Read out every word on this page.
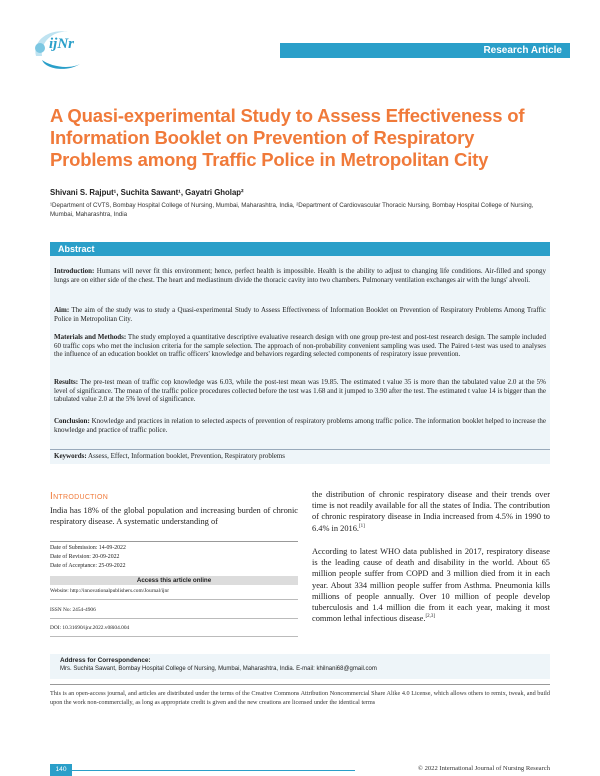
ijNr	Research Article
A Quasi-experimental Study to Assess Effectiveness of Information Booklet on Prevention of Respiratory Problems among Traffic Police in Metropolitan City
Shivani S. Rajput¹, Suchita Sawant¹, Gayatri Gholap²
¹Department of CVTS, Bombay Hospital College of Nursing, Mumbai, Maharashtra, India, ²Department of Cardiovascular Thoracic Nursing, Bombay Hospital College of Nursing, Mumbai, Maharashtra, India
Abstract
Introduction: Humans will never fit this environment; hence, perfect health is impossible. Health is the ability to adjust to changing life conditions. Air-filled and spongy lungs are on either side of the chest. The heart and mediastinum divide the thoracic cavity into two chambers. Pulmonary ventilation exchanges air with the lungs' alveoli.
Aim: The aim of the study was to study a Quasi-experimental Study to Assess Effectiveness of Information Booklet on Prevention of Respiratory Problems Among Traffic Police in Metropolitan City.
Materials and Methods: The study employed a quantitative descriptive evaluative research design with one group pre-test and post-test research design. The sample included 60 traffic cops who met the inclusion criteria for the sample selection. The approach of non-probability convenient sampling was used. The Paired t-test was used to analyses the influence of an education booklet on traffic officers' knowledge and behaviors regarding selected components of respiratory issue prevention.
Results: The pre-test mean of traffic cop knowledge was 6.03, while the post-test mean was 19.85. The estimated t value 35 is more than the tabulated value 2.0 at the 5% level of significance. The mean of the traffic police procedures collected before the test was 1.68 and it jumped to 3.90 after the test. The estimated t value 14 is bigger than the tabulated value 2.0 at the 5% level of significance.
Conclusion: Knowledge and practices in relation to selected aspects of prevention of respiratory problems among traffic police. The information booklet helped to increase the knowledge and practice of traffic police.
Keywords: Assess, Effect, Information booklet, Prevention, Respiratory problems
Introduction
India has 18% of the global population and increasing burden of chronic respiratory disease. A systematic understanding of
Date of Submission: 14-09-2022
Date of Revision: 20-09-2022
Date of Acceptance: 25-09-2022
Access this article online
Website: http://innovationalpublishers.com/Journal/ijnr
ISSN No: 2454-4906
DOI: 10.31690/ijnr.2022.v08i04.004
the distribution of chronic respiratory disease and their trends over time is not readily available for all the states of India. The contribution of chronic respiratory disease in India increased from 4.5% in 1990 to 6.4% in 2016.[1]
According to latest WHO data published in 2017, respiratory disease is the leading cause of death and disability in the world. About 65 million people suffer from COPD and 3 million died from it in each year. About 334 million people suffer from Asthma. Pneumonia kills millions of people annually. Over 10 million of people develop tuberculosis and 1.4 million die from it each year, making it most common lethal infectious disease.[2,3]
Address for Correspondence:
Mrs. Suchita Sawant, Bombay Hospital College of Nursing, Mumbai, Maharashtra, India. E-mail: khilnani68@gmail.com
This is an open-access journal, and articles are distributed under the terms of the Creative Commons Attribution Noncommercial Share Alike 4.0 License, which allows others to remix, tweak, and build upon the work non-commercially, as long as appropriate credit is given and the new creations are licensed under the identical terms
140	© 2022 International Journal of Nursing Research
